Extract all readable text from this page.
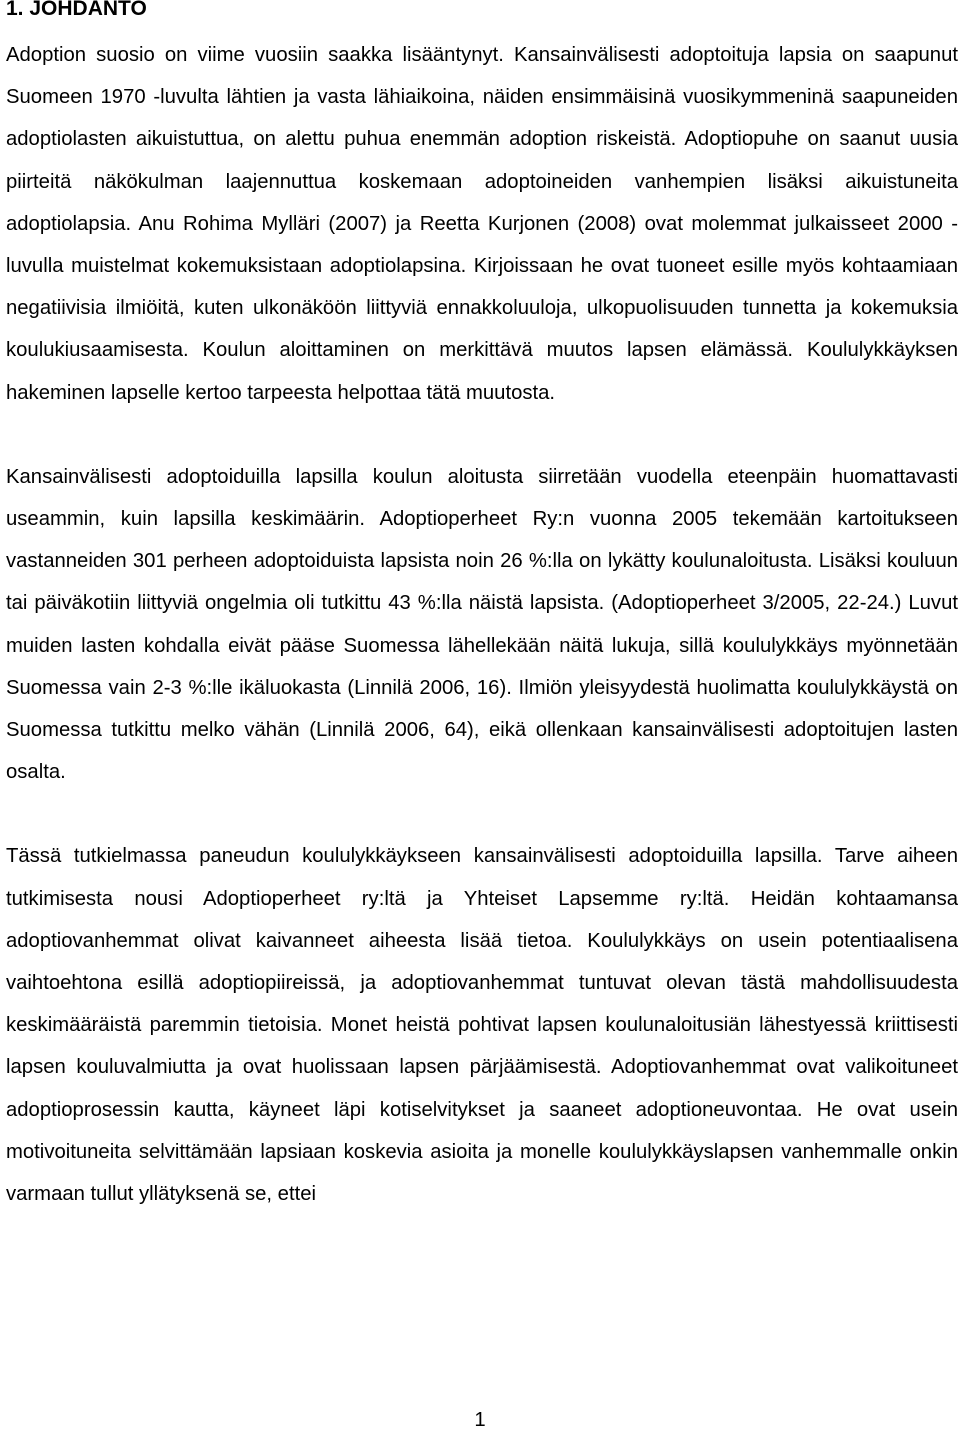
1. JOHDANTO

Adoption suosio on viime vuosiin saakka lisääntynyt. Kansainvälisesti adoptoituja lapsia on saapunut Suomeen 1970 -luvulta lähtien ja vasta lähiaikoina, näiden ensimmäisinä vuosikymmeninä saapuneiden adoptiolasten aikuistuttua, on alettu puhua enemmän adoption riskeistä. Adoptiopuhe on saanut uusia piirteitä näkökulman laajennuttua koskemaan adoptoineiden vanhempien lisäksi aikuistuneita adoptiolapsia. Anu Rohima Mylläri (2007) ja Reetta Kurjonen (2008) ovat molemmat julkaisseet 2000 -luvulla muistelmat kokemuksistaan adoptiolapsina. Kirjoissaan he ovat tuoneet esille myös kohtaamiaan negatiivisia ilmiöitä, kuten ulkonäköön liittyviä ennakkoluuloja, ulkopuolisuuden tunnetta ja kokemuksia koulukiusaamisesta. Koulun aloittaminen on merkittävä muutos lapsen elämässä. Koululykkäyksen hakeminen lapselle kertoo tarpeesta helpottaa tätä muutosta.

Kansainvälisesti adoptoiduilla lapsilla koulun aloitusta siirretään vuodella eteenpäin huomattavasti useammin, kuin lapsilla keskimäärin. Adoptioperheet Ry:n vuonna 2005 tekemään kartoitukseen vastanneiden 301 perheen adoptoiduista lapsista noin 26 %:lla on lykätty koulunaloitusta. Lisäksi kouluun tai päiväkotiin liittyviä ongelmia oli tutkittu 43 %:lla näistä lapsista. (Adoptioperheet 3/2005, 22-24.) Luvut muiden lasten kohdalla eivät pääse Suomessa lähellekään näitä lukuja, sillä koululykkäys myönnetään Suomessa vain 2-3 %:lle ikäluokasta (Linnilä 2006, 16). Ilmiön yleisyydestä huolimatta koululykkäystä on Suomessa tutkittu melko vähän (Linnilä 2006, 64), eikä ollenkaan kansainvälisesti adoptoitujen lasten osalta.

Tässä tutkielmassa paneudun koululykkäykseen kansainvälisesti adoptoiduilla lapsilla. Tarve aiheen tutkimisesta nousi Adoptioperheet ry:ltä ja Yhteiset Lapsemme ry:ltä. Heidän kohtaamansa adoptiovanhemmat olivat kaivanneet aiheesta lisää tietoa. Koululykkäys on usein potentiaalisena vaihtoehtona esillä adoptiopiireissä, ja adoptiovanhemmat tuntuvat olevan tästä mahdollisuudesta keskimääräistä paremmin tietoisia. Monet heistä pohtivat lapsen koulunaloitusiän lähestyessä kriittisesti lapsen kouluvalmiutta ja ovat huolissaan lapsen pärjäämisestä. Adoptiovanhemmat ovat valikoituneet adoptioprosessin kautta, käyneet läpi kotiselvitykset ja saaneet adoptioneuvontaa. He ovat usein motivoituneita selvittämään lapsiaan koskevia asioita ja monelle koululykkäyslapsen vanhemmalle onkin varmaan tullut yllätyksenä se, ettei

1
